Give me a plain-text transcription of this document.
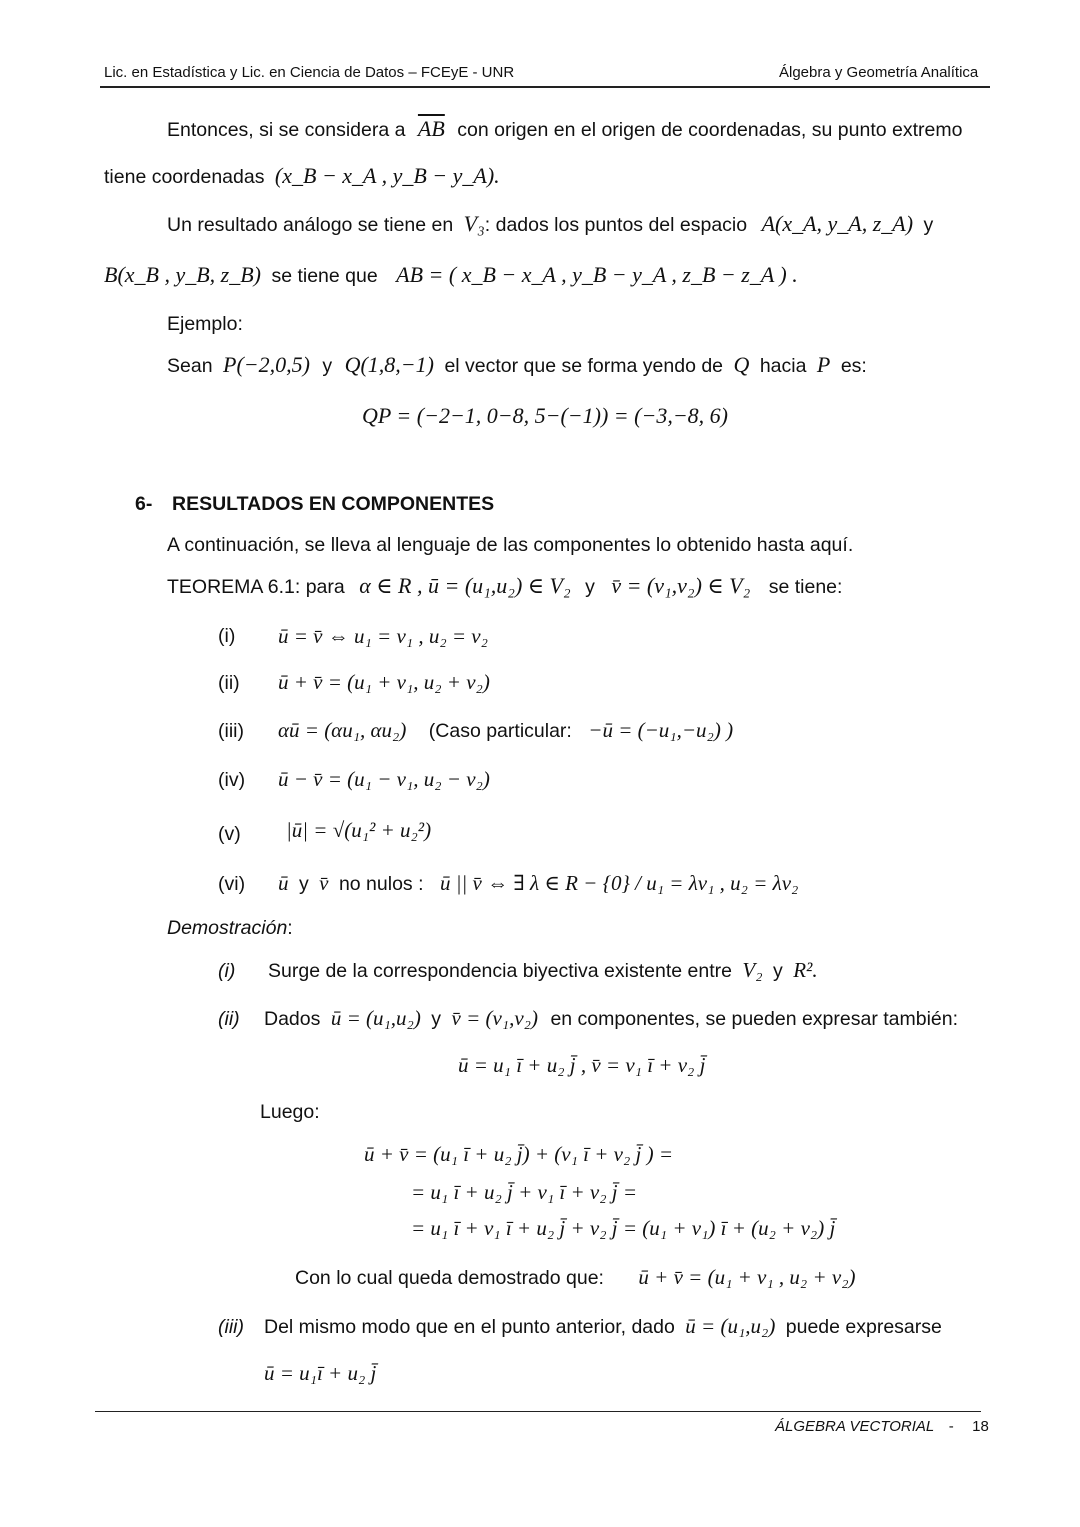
Lic. en Estadística y Lic. en Ciencia de Datos – FCEyE - UNR	Álgebra y Geometría Analítica
Entonces, si se considera a $\overline{AB}$ con origen en el origen de coordenadas, su punto extremo
tiene coordenadas (x_B − x_A , y_B − y_A).
Un resultado análogo se tiene en V₃: dados los puntos del espacio A(x_A, y_A, z_A) y
B(x_B , y_B, z_B) se tiene que AB = ( x_B − x_A , y_B − y_A , z_B − z_A ) .
Ejemplo:
Sean P(−2,0,5) y Q(1,8,−1) el vector que se forma yendo de Q hacia P es:
QP = (−2−1, 0−8, 5−(−1)) = (−3,−8, 6)
6- RESULTADOS EN COMPONENTES
A continuación, se lleva al lenguaje de las componentes lo obtenido hasta aquí.
TEOREMA 6.1: para α ∈ R , ū = (u₁,u₂) ∈ V₂ y v̄ = (v₁,v₂) ∈ V₂ se tiene:
(i) ū = v̄ ⇔ u₁ = v₁ , u₂ = v₂
(ii) ū + v̄ = (u₁ + v₁, u₂ + v₂)
(iii) αū = (αu₁, αu₂) (Caso particular: −ū = (−u₁,−u₂) )
(iv) ū − v̄ = (u₁ − v₁, u₂ − v₂)
(v) |ū| = √(u₁² + u₂²)
(vi) ū y v̄ no nulos : ū || v̄ ⇔ ∃ λ ∈ R − {0} / u₁ = λv₁ , u₂ = λv₂
Demostración:
(i) Surge de la correspondencia biyectiva existente entre V₂ y R².
(ii) Dados ū = (u₁,u₂) y v̄ = (v₁,v₂) en componentes, se pueden expresar también:
ū = u₁ ī + u₂ j̄ , v̄ = v₁ ī + v₂ j̄
Luego:
ū + v̄ = (u₁ ī + u₂ j̄) + (v₁ ī + v₂ j̄ ) =
= u₁ ī + u₂ j̄ + v₁ ī + v₂ j̄ =
= u₁ ī + v₁ ī + u₂ j̄ + v₂ j̄ = (u₁ + v₁) ī + (u₂ + v₂) j̄
Con lo cual queda demostrado que: ū + v̄ = (u₁ + v₁ , u₂ + v₂)
(iii) Del mismo modo que en el punto anterior, dado ū = (u₁,u₂) puede expresarse
ū = u₁ī + u₂ j̄
ÁLGEBRA VECTORIAL - 18
